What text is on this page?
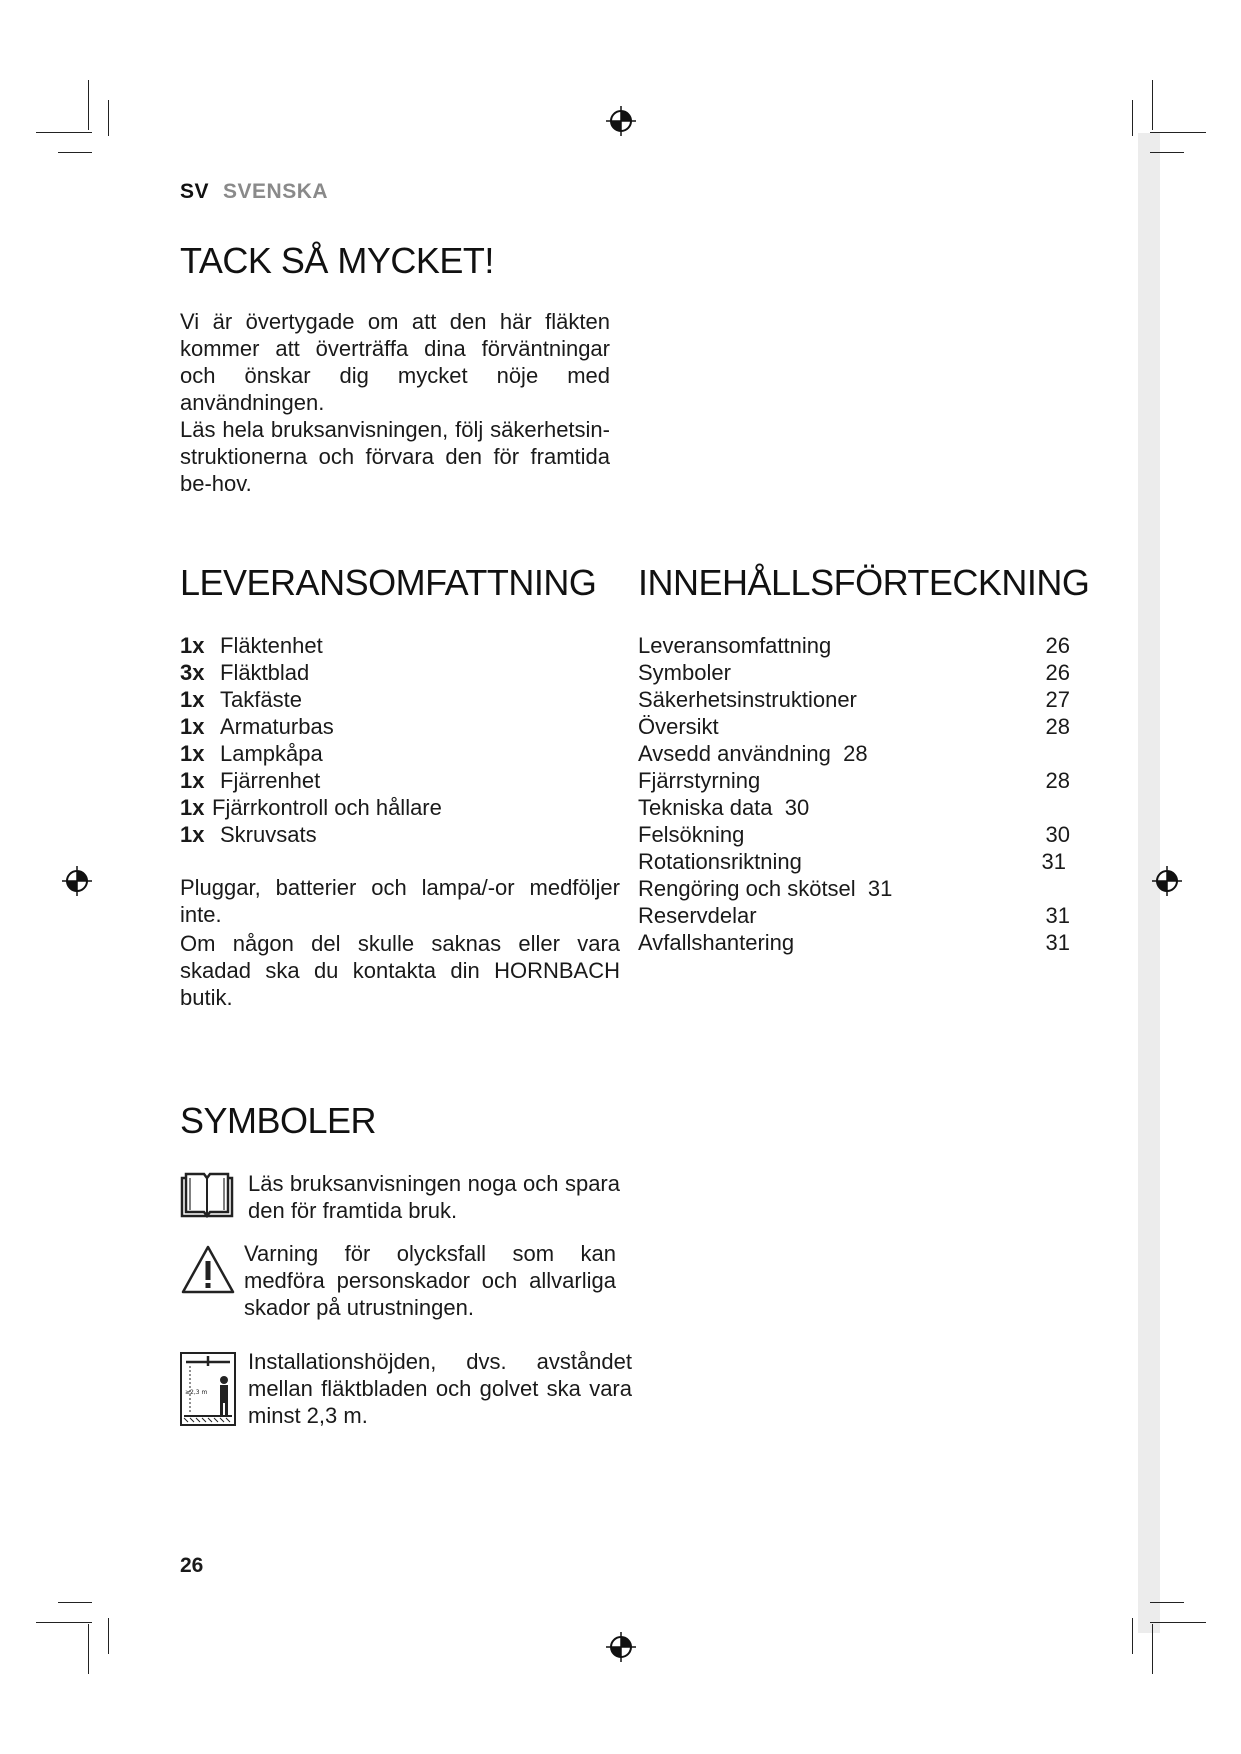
SV SVENSKA
TACK SÅ MYCKET!

Vi är övertygade om att den här fläkten kommer att överträffa dina förväntningar och önskar dig mycket nöje med användningen.

Läs hela bruksanvisningen, följ säkerhetsin-struktionerna och förvara den för framtida be-hov.

LEVERANSOMFATTNING
1x Fläktenhet
3x Fläktblad
1x Takfäste
1x Armaturbas
1x Lampkåpa
1x Fjärrenhet
1x Fjärrkontroll och hållare
1x Skruvsats
Pluggar, batterier och lampa/-or medföljer inte.
Om någon del skulle saknas eller vara skadad ska du kontakta din HORNBACH butik.
INNEHÅLLSFÖRTECKNING
Leveransomfattning	26
Symboler	26
Säkerhetsinstruktioner	27
Översikt	28
Avsedd användning 28
Fjärrstyrning	28
Tekniska data 30
Felsökning	30
Rotationsriktning	31
Rengöring och skötsel 31
Reservdelar	31
Avfallshantering	31
SYMBOLER
Läs bruksanvisningen noga och spara den för framtida bruk.
Varning för olycksfall som kan medföra personskador och allvarliga skador på utrustningen.
≥2,3 m
Installationshöjden, dvs. avståndet mellan fläktbladen och golvet ska vara minst 2,3 m.
26
